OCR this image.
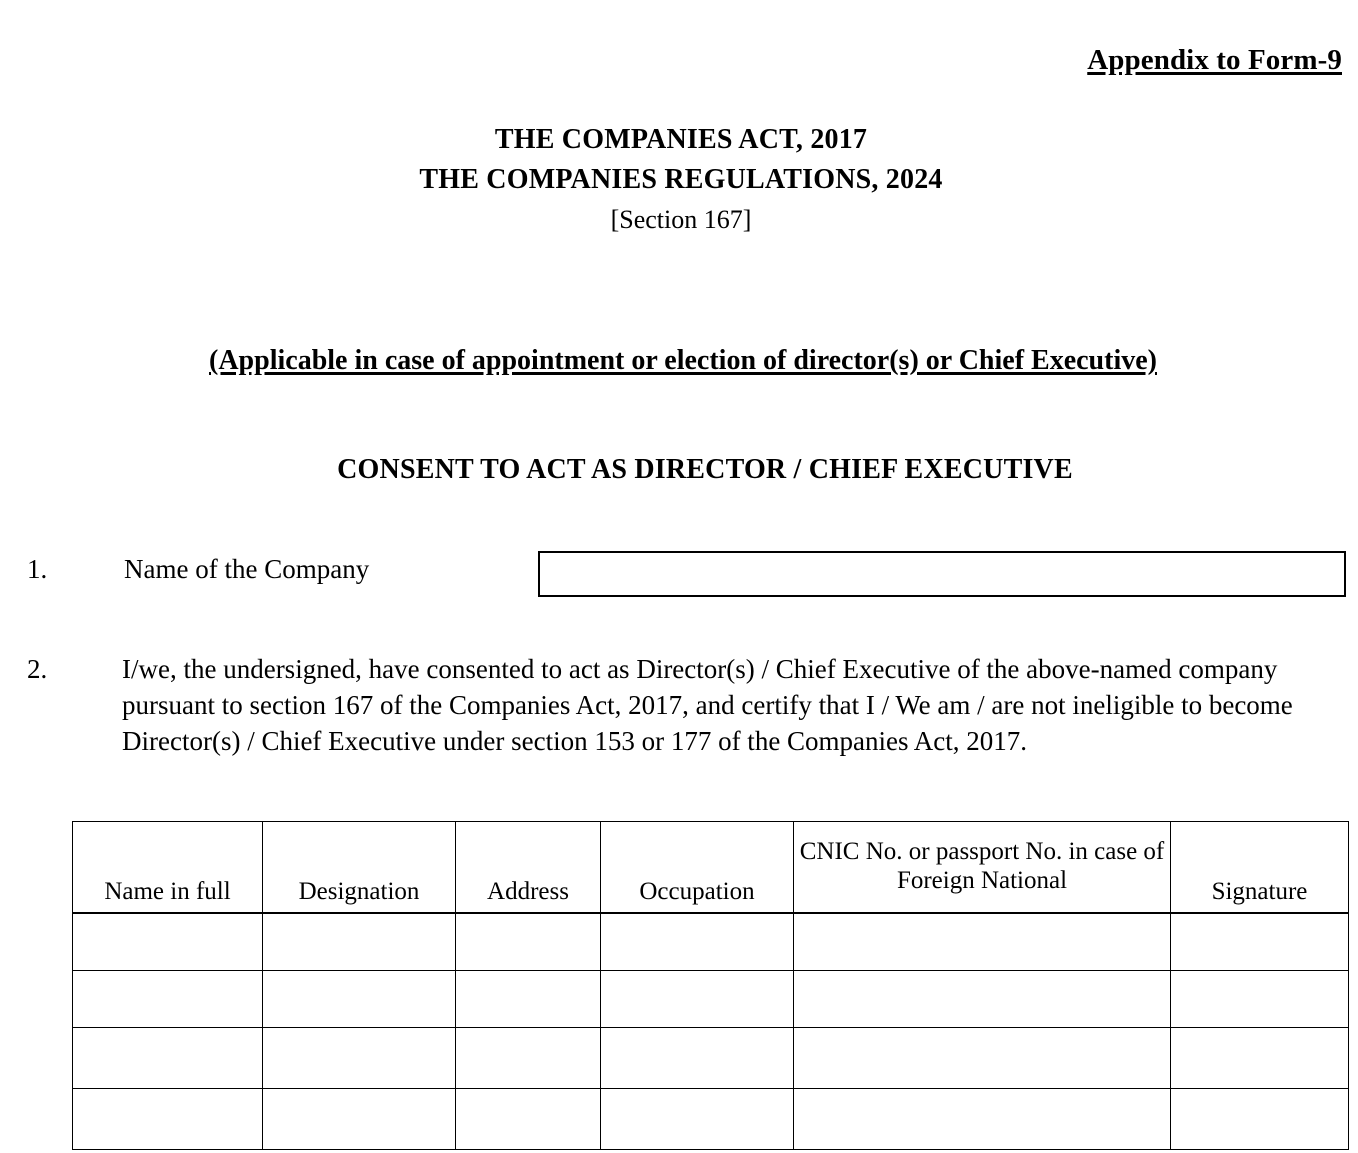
Appendix to Form-9
THE COMPANIES ACT, 2017
THE COMPANIES REGULATIONS, 2024
[Section 167]
(Applicable in case of appointment or election of director(s) or Chief Executive)
CONSENT TO ACT AS DIRECTOR / CHIEF EXECUTIVE
1.	Name of the Company
2.	I/we, the undersigned, have consented to act as Director(s) / Chief Executive of the above-named company pursuant to section 167 of the Companies Act, 2017, and certify that I / We am / are not ineligible to become Director(s) / Chief Executive under section 153 or 177 of the Companies Act, 2017.
Name in full	Designation	Address	Occupation	CNIC No. or passport No. in case of Foreign National	Signature
